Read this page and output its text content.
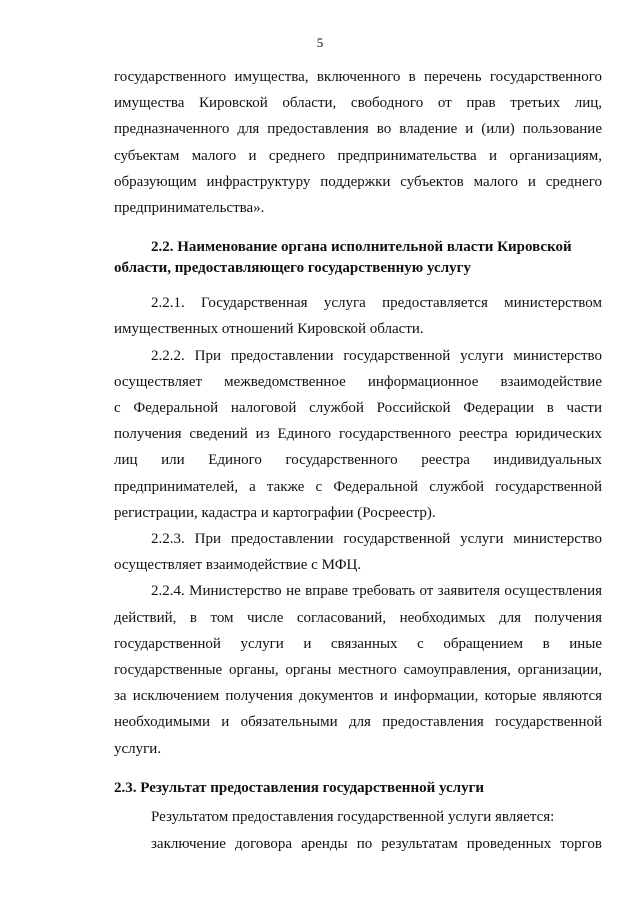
5
государственного имущества, включенного в перечень государственного
имущества Кировской области, свободного от прав третьих лиц,
предназначенного для предоставления во владение и (или) пользование
субъектам малого и среднего предпринимательства и организациям,
образующим инфраструктуру поддержки субъектов малого и среднего
предпринимательства».
2.2. Наименование органа исполнительной власти Кировской
области, предоставляющего государственную услугу
2.2.1. Государственная услуга предоставляется министерством
имущественных отношений Кировской области.
2.2.2. При предоставлении государственной услуги министерство
осуществляет межведомственное информационное взаимодействие
с Федеральной налоговой службой Российской Федерации в части
получения сведений из Единого государственного реестра юридических
лиц или Единого государственного реестра индивидуальных
предпринимателей, а также с Федеральной службой государственной
регистрации, кадастра и картографии (Росреестр).
2.2.3. При предоставлении государственной услуги министерство
осуществляет взаимодействие с МФЦ.
2.2.4. Министерство не вправе требовать от заявителя осуществления
действий, в том числе согласований, необходимых для получения
государственной услуги и связанных с обращением в иные
государственные органы, органы местного самоуправления, организации,
за исключением получения документов и информации, которые являются
необходимыми и обязательными для предоставления государственной
услуги.
2.3. Результат предоставления государственной услуги
Результатом предоставления государственной услуги является:
заключение договора аренды по результатам проведенных торгов
